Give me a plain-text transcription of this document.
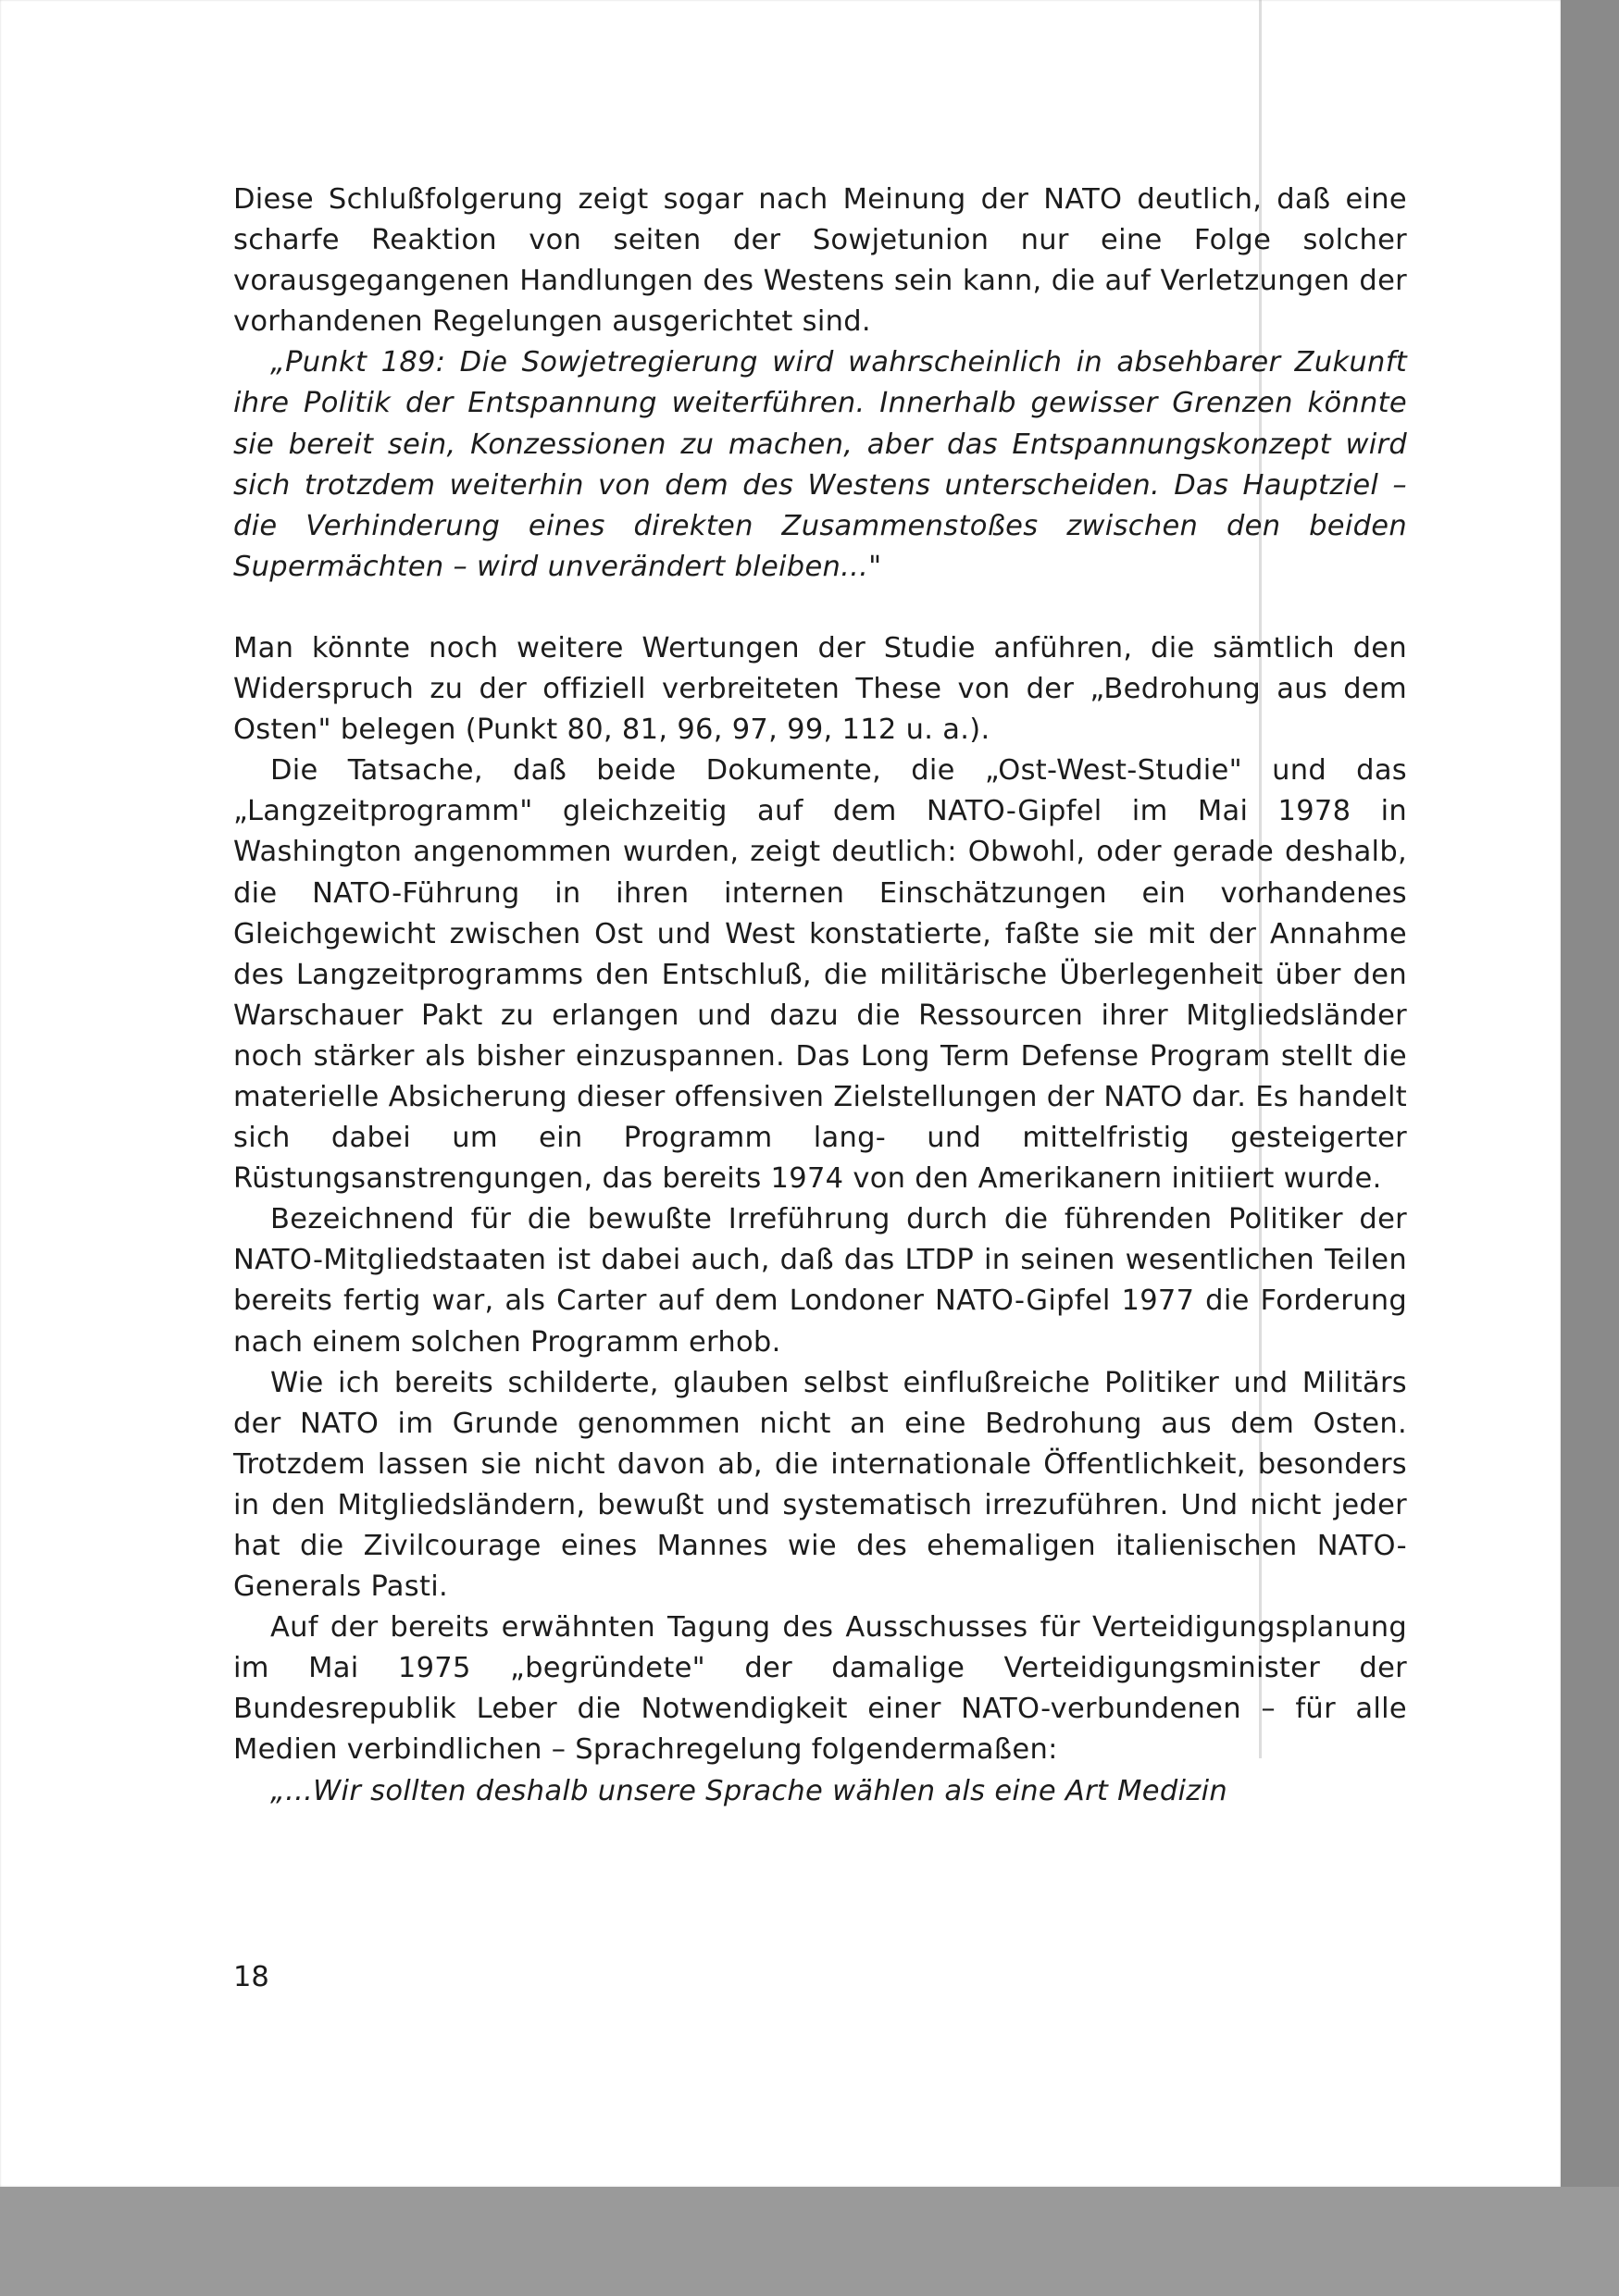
Diese Schlußfolgerung zeigt sogar nach Meinung der NATO deutlich, daß eine scharfe Reaktion von seiten der Sowjetunion nur eine Folge solcher vorausgegangenen Handlungen des Westens sein kann, die auf Verletzungen der vorhandenen Regelungen ausgerichtet sind.

„Punkt 189: Die Sowjetregierung wird wahrscheinlich in absehbarer Zukunft ihre Politik der Entspannung weiterführen. Innerhalb gewisser Grenzen könnte sie bereit sein, Konzessionen zu machen, aber das Entspannungskonzept wird sich trotzdem weiterhin von dem des Westens unterscheiden. Das Hauptziel – die Verhinderung eines direkten Zusammenstoßes zwischen den beiden Supermächten – wird unverändert bleiben..."

Man könnte noch weitere Wertungen der Studie anführen, die sämtlich den Widerspruch zu der offiziell verbreiteten These von der „Bedrohung aus dem Osten" belegen (Punkt 80, 81, 96, 97, 99, 112 u. a.).

Die Tatsache, daß beide Dokumente, die „Ost-West-Studie" und das „Langzeitprogramm" gleichzeitig auf dem NATO-Gipfel im Mai 1978 in Washington angenommen wurden, zeigt deutlich: Obwohl, oder gerade deshalb, die NATO-Führung in ihren internen Einschätzungen ein vorhandenes Gleichgewicht zwischen Ost und West konstatierte, faßte sie mit der Annahme des Langzeitprogramms den Entschluß, die militärische Überlegenheit über den Warschauer Pakt zu erlangen und dazu die Ressourcen ihrer Mitgliedsländer noch stärker als bisher einzuspannen. Das Long Term Defense Program stellt die materielle Absicherung dieser offensiven Zielstellungen der NATO dar. Es handelt sich dabei um ein Programm lang- und mittelfristig gesteigerter Rüstungsanstrengungen, das bereits 1974 von den Amerikanern initiiert wurde.

Bezeichnend für die bewußte Irreführung durch die führenden Politiker der NATO-Mitgliedstaaten ist dabei auch, daß das LTDP in seinen wesentlichen Teilen bereits fertig war, als Carter auf dem Londoner NATO-Gipfel 1977 die Forderung nach einem solchen Programm erhob.

Wie ich bereits schilderte, glauben selbst einflußreiche Politiker und Militärs der NATO im Grunde genommen nicht an eine Bedrohung aus dem Osten. Trotzdem lassen sie nicht davon ab, die internationale Öffentlichkeit, besonders in den Mitgliedsländern, bewußt und systematisch irrezuführen. Und nicht jeder hat die Zivilcourage eines Mannes wie des ehemaligen italienischen NATO-Generals Pasti.

Auf der bereits erwähnten Tagung des Ausschusses für Verteidigungsplanung im Mai 1975 „begründete" der damalige Verteidigungsminister der Bundesrepublik Leber die Notwendigkeit einer NATO-verbundenen – für alle Medien verbindlichen – Sprachregelung folgendermaßen:

„...Wir sollten deshalb unsere Sprache wählen als eine Art Medizin

18
